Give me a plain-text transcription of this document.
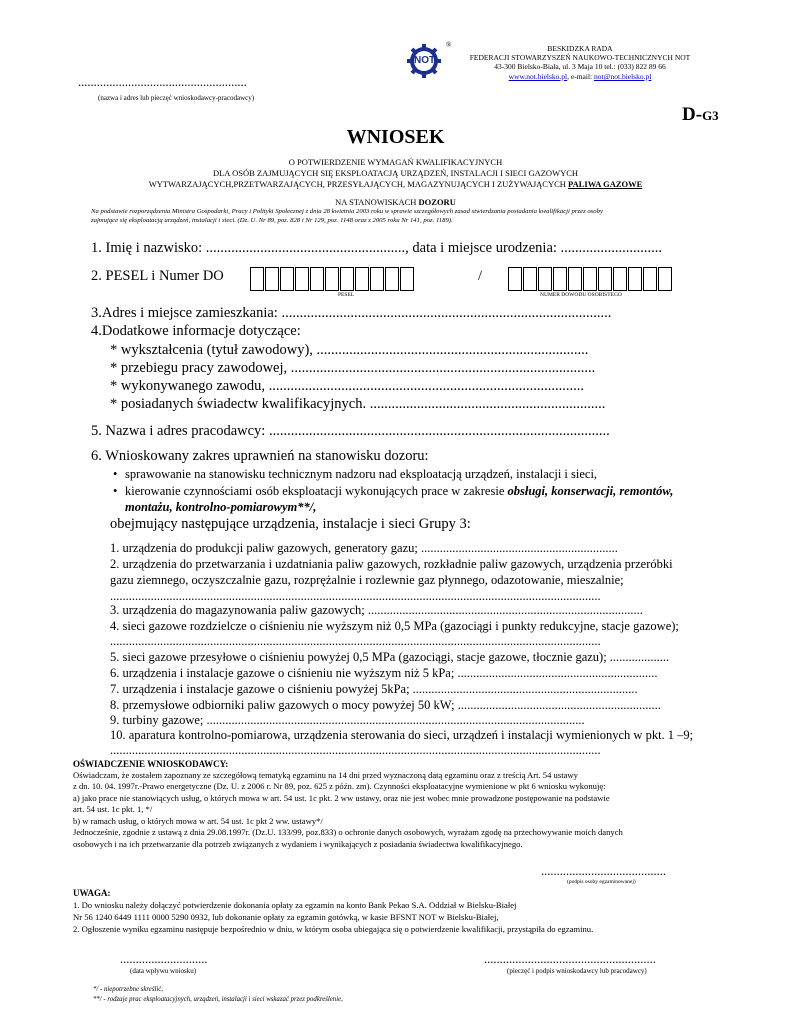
......................................................
(nazwa i adres lub pieczęć wnioskodawcy-pracodawcy)
NOT
®	BESKIDZKA RADA
FEDERACJI STOWARZYSZEŃ NAUKOWO-TECHNICZNYCH NOT
43-300 Bielsko-Biała, ul. 3 Maja 10 tel.: (033) 822 89 66
www.not.bielsko.pl, e-mail: not@not.bielsko.pl
D-G3
WNIOSEK
O POTWIERDZENIE WYMAGAŃ KWALIFIKACYJNYCH
DLA OSÓB ZAJMUJĄCYCH SIĘ EKSPLOATACJĄ URZĄDZEŃ, INSTALACJI I SIECI GAZOWYCH
WYTWARZAJĄCYCH,PRZETWARZAJĄCYCH, PRZESYŁAJĄCYCH, MAGAZYNUJĄCYCH I ZUŻYWAJĄCYCH PALIWA GAZOWE
NA STANOWISKACH DOZORU
Na podstawie rozporządzenia Ministra Gospodarki, Pracy i Polityki Społecznej z dnia 28 kwietnia 2003 roku w sprawie szczegółowych zasad stwierdzania posiadania kwalifikacji przez osoby
zajmujące się eksploatacją urządzeń, instalacji i sieci. (Dz. U. Nr 89, poz. 828 i Nr 129, poz. 1148 oraz z 2005 roku Nr 141, poz. 1189).
1. Imię i nazwisko: ......................................................., data i miejsce urodzenia: ............................
2. PESEL i Numer DO
PESEL
/
NUMER DOWODU OSOBISTEGO
3.Adres i miejsce zamieszkania: ...........................................................................................
4.Dodatkowe informacje dotyczące:
* wykształcenia (tytuł zawodowy), ...........................................................................
* przebiegu pracy zawodowej, ....................................................................................
* wykonywanego zawodu, .......................................................................................
* posiadanych świadectw kwalifikacyjnych. .................................................................
5. Nazwa i adres pracodawcy: ..............................................................................................
6. Wnioskowany zakres uprawnień na stanowisku dozoru:
• sprawowanie na stanowisku technicznym nadzoru nad eksploatacją urządzeń, instalacji i sieci,
• kierowanie czynnościami osób eksploatacji wykonujących prace w zakresie obsługi, konserwacji, remontów,
montażu, kontrolno-pomiarowym**/,
obejmujący następujące urządzenia, instalacje i sieci Grupy 3:
1. urządzenia do produkcji paliw gazowych, generatory gazu; ...............................................................
2. urządzenia do przetwarzania i uzdatniania paliw gazowych, rozkładnie paliw gazowych, urządzenia przeróbki
gazu ziemnego, oczyszczalnie gazu, rozprężalnie i rozlewnie gaz płynnego, odazotowanie, mieszalnie;
.............................................................................................................................................................
3. urządzenia do magazynowania paliw gazowych; ........................................................................................
4. sieci gazowe rozdzielcze o ciśnieniu nie wyższym niż 0,5 MPa (gazociągi i punkty redukcyjne, stacje gazowe);
.............................................................................................................................................................
5. sieci gazowe przesyłowe o ciśnieniu powyżej 0,5 MPa (gazociągi, stacje gazowe, tłocznie gazu); ...................
6. urządzenia i instalacje gazowe o ciśnieniu nie wyższym niż 5 kPa; ................................................................
7. urządzenia i instalacje gazowe o ciśnieniu powyżej 5kPa; ........................................................................
8. przemysłowe odbiorniki paliw gazowych o mocy powyżej 50 kW; .................................................................
9. turbiny gazowe; .........................................................................................................................
10. aparatura kontrolno-pomiarowa, urządzenia sterowania do sieci, urządzeń i instalacji wymienionych w pkt. 1 –9;
.............................................................................................................................................................
OŚWIADCZENIE WNIOSKODAWCY:
Oświadczam, że zostałem zapoznany ze szczegółową tematyką egzaminu na 14 dni przed wyznaczoną datą egzaminu oraz z treścią Art. 54 ustawy
z dn. 10. 04. 1997r.-Prawo energetyczne (Dz. U. z 2006 r. Nr 89, poz. 625 z późn. zm). Czynności eksploatacyjne wymienione w pkt 6 wniosku wykonuję:
a) jako prace nie stanowiących usług, o których mowa w art. 54 ust. 1c pkt. 2 ww ustawy, oraz nie jest wobec mnie prowadzone postępowanie na podstawie
art. 54 ust. 1c pkt. 1, */
b) w ramach usług, o których mowa w art. 54 ust. 1c pkt 2 ww. ustawy*/
Jednocześnie, zgodnie z ustawą z dnia 29.08.1997r. (Dz.U. 133/99, poz.833) o ochronie danych osobowych, wyrażam zgodę na przechowywanie moich danych
osobowych i na ich przetwarzanie dla potrzeb związanych z wydaniem i wynikających z posiadania świadectwa kwalifikacyjnego.
........................................
(podpis osoby egzaminowanej)
UWAGA:
1. Do wniosku należy dołączyć potwierdzenie dokonania opłaty za egzamin na konto Bank Pekao S.A. Oddział w Bielsku-Białej
Nr 56 1240 6449 1111 0000 5290 0932, lub dokonanie opłaty za egzamin gotówką, w kasie BFSNT NOT w Bielsku-Białej,
2. Ogłoszenie wyniku egzaminu następuje bezpośrednio w dniu, w którym osoba ubiegająca się o potwierdzenie kwalifikacji, przystąpiła do egzaminu.
............................
(data wpływu wniosku)
.......................................................
(pieczęć i podpis wnioskodawcy lub pracodawcy)
*/ - niepotrzebne skreślić,
**/ - rodzaje prac eksploatacyjnych, urządzeń, instalacji i sieci wskazać przez podkreślenie,
